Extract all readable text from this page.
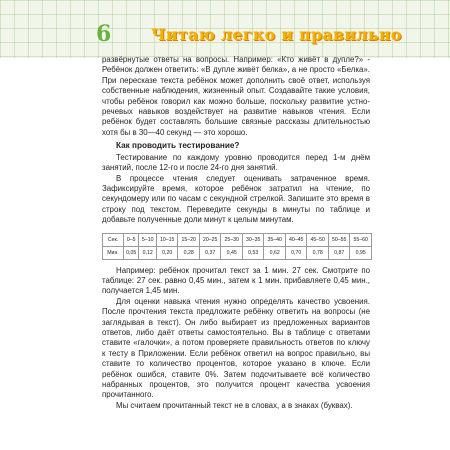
6 Читаю легко и правильно

развёрнутые ответы на вопросы. Например: «Кто живёт в дупле?» - Ребёнок должен ответить: «В дупле живёт белка», а не просто «Белка». При пересказе текста ребёнок может дополнить своё ответ, используя собственные наблюдения, жизненный опыт. Создавайте такие условия, чтобы ребёнок говорил как можно больше, поскольку развитие устно-речевых навыков воздействует на развитие навыков чтения. Если ребёнок будет составлять большие связные рассказы длительностью хотя бы в 30—40 секунд — это хорошо.

Как проводить тестирование?

Тестирование по каждому уровню проводится перед 1-м днём занятий, после 12-го и после 24-го дня занятий.

В процессе чтения следует оценивать затраченное время. Зафиксируйте время, которое ребёнок затратил на чтение, по секундомеру или по часам с секундной стрелкой. Запишите это время в строку под текстом. Переведите секунды в минуты по таблице и добавьте полученные доли минут к целым минутам.

Сек.	0–5	5–10	10–15	15–20	20–25	25–30	30–35	35–40	40–45	45–50	50–55	55–60
Мин.	0,05	0,12	0,20	0,28	0,37	0,45	0,53	0,62	0,70	0,78	0,87	0,95

Например: ребёнок прочитал текст за 1 мин. 27 сек. Смотрите по таблице: 27 сек. равно 0,45 мин., затем к 1 мин. прибавляете 0,45 мин., получается 1,45 мин.

Для оценки навыка чтения нужно определять качество усвоения. После прочтения текста предложите ребёнку ответить на вопросы (не заглядывая в текст). Он либо выбирает из предложенных вариантов ответов, либо даёт ответы самостоятельно. Вы в таблице с ответами ставите «галочки», а потом проверяете правильность ответов по ключу к тесту в Приложении. Если ребёнок ответил на вопрос правильно, вы ставите то количество процентов, которое указано в ключе. Если ребёнок ошибся, ставите 0%. Затем подсчитываете всё количество набранных процентов, это получится процент качества усвоения прочитанного.

Мы считаем прочитанный текст не в словах, а в знаках (буквах).
